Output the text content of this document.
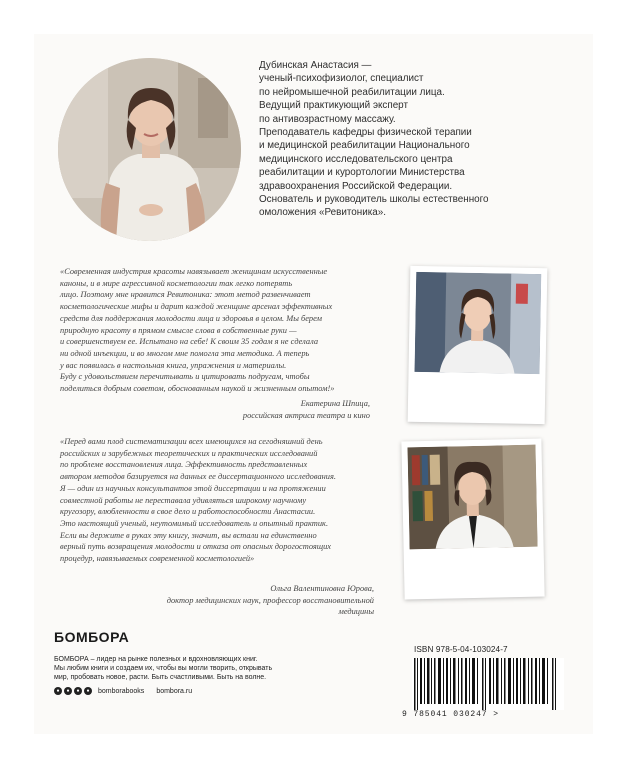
Дубинская Анастасия —
ученый-психофизиолог, специалист
по нейромышечной реабилитации лица.
Ведущий практикующий эксперт
по антивозрастному массажу.
Преподаватель кафедры физической терапии
и медицинской реабилитации Национального
медицинского исследовательского центра
реабилитации и курортологии Министерства
здравоохранения Российской Федерации.
Основатель и руководитель школы естественного
омоложения «Ревитоника».

«Современная индустрия красоты навязывает женщинам искусственные
каноны, и в мире агрессивной косметологии так легко потерять
лицо. Поэтому мне нравится Ревитоника: этот метод развенчивает
косметологические мифы и дарит каждой женщине арсенал эффективных
средств для поддержания молодости лица и здоровья в целом. Мы берем
природную красоту в прямом смысле слова в собственные руки —
и совершенствуем ее. Испытано на себе! К своим 35 годам я не сделала
ни одной инъекции, и во многом мне помогла эта методика. А теперь
у вас появилась в настольная книга, упражнения и материалы.
Буду с удовольствием перечитывать и цитировать подругам, чтобы
поделиться добрым советом, обоснованным наукой и жизненным опытом!»

Екатерина Шпица,
российская актриса театра и кино

«Перед вами плод систематизации всех имеющихся на сегодняшний день
российских и зарубежных теоретических и практических исследований
по проблеме восстановления лица. Эффективность представленных
автором методов базируется на данных ее диссертационного исследования.
Я — один из научных консультантов этой диссертации и на протяжении
совместной работы не переставала удивляться широкому научному
кругозору, влюбленности в свое дело и работоспособности Анастасии.
Это настоящий ученый, неутомимый исследователь и опытный практик.
Если вы держите в руках эту книгу, значит, вы встали на единственно
верный путь возвращения молодости и отказа от опасных дорогостоящих
процедур, навязываемых современной косметологией»

Ольга Валентиновна Юрова,
доктор медицинских наук, профессор восстановительной медицины
БОМБОРА

БОМБОРА – лидер на рынке полезных и вдохновляющих книг.
Мы любим книги и создаем их, чтобы вы могли творить, открывать
мир, пробовать новое, расти. Быть счастливыми. Быть на волне.

●	●	●	●	bomborabooks bombora.ru
ISBN 978-5-04-103024-7
9 785041 030247 >
